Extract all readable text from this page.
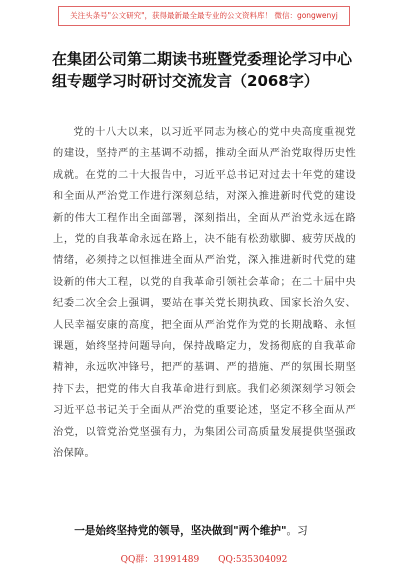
关注头条号"公文研究"，获得最新最全最专业的公文资料库！ 微信：gongwenyj
在集团公司第二期读书班暨党委理论学习中心组专题学习时研讨交流发言（2068字）

党的十八大以来，以习近平同志为核心的党中央高度重视党的建设，坚持严的主基调不动摇，推动全面从严治党取得历史性成就。在党的二十大报告中，习近平总书记对过去十年党的建设和全面从严治党工作进行深刻总结，对深入推进新时代党的建设新的伟大工程作出全面部署，深刻指出，全面从严治党永远在路上，党的自我革命永远在路上，决不能有松劲歇脚、疲劳厌战的情绪，必须持之以恒推进全面从严治党，深入推进新时代党的建设新的伟大工程，以党的自我革命引领社会革命；在二十届中央纪委二次全会上强调，要站在事关党长期执政、国家长治久安、人民幸福安康的高度，把全面从严治党作为党的长期战略、永恒课题，始终坚持问题导向，保持战略定力，发扬彻底的自我革命精神，永远吹冲锋号，把严的基调、严的措施、严的氛围长期坚持下去，把党的伟大自我革命进行到底。我们必须深刻学习领会习近平总书记关于全面从严治党的重要论述，坚定不移全面从严治党，以管党治党坚强有力，为集团公司高质量发展提供坚强政治保障。

一是始终坚持党的领导，坚决做到"两个维护"。习

QQ群：31991489 QQ:535304092
